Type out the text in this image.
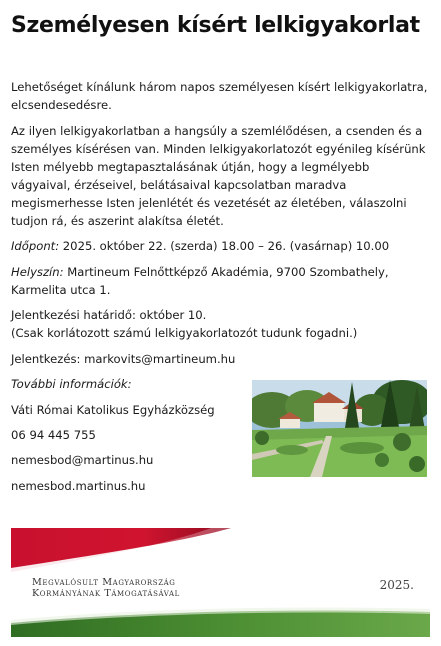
Személyesen kísért lelkigyakorlat
Lehetőséget kínálunk három napos személyesen kísért lelkigyakorlatra, elcsendesedésre.
Az ilyen lelkigyakorlatban a hangsúly a szemlélődésen, a csenden és a személyes kísérésen van. Minden lelkigyakorlatozót egyénileg kísérünk Isten mélyebb megtapasztalásának útján, hogy a legmélyebb vágyaival, érzéseivel, belátásaival kapcsolatban maradva megismerhesse Isten jelenlétét és vezetését az életében, válaszolni tudjon rá, és aszerint alakítsa életét.
Időpont: 2025. október 22. (szerda) 18.00 – 26. (vasárnap) 10.00
Helyszín: Martineum Felnőttképző Akadémia, 9700 Szombathely, Karmelita utca 1.
Jelentkezési határidő: október 10.
(Csak korlátozott számú lelkigyakorlatozót tudunk fogadni.)
Jelentkezés: markovits@martineum.hu
További információk:
Váti Római Katolikus Egyházközség
06 94 445 755
nemesbod@martinus.hu
nemesbod.martinus.hu
Megvalósult Magyarország
Kormányának Támogatásával
2025.
